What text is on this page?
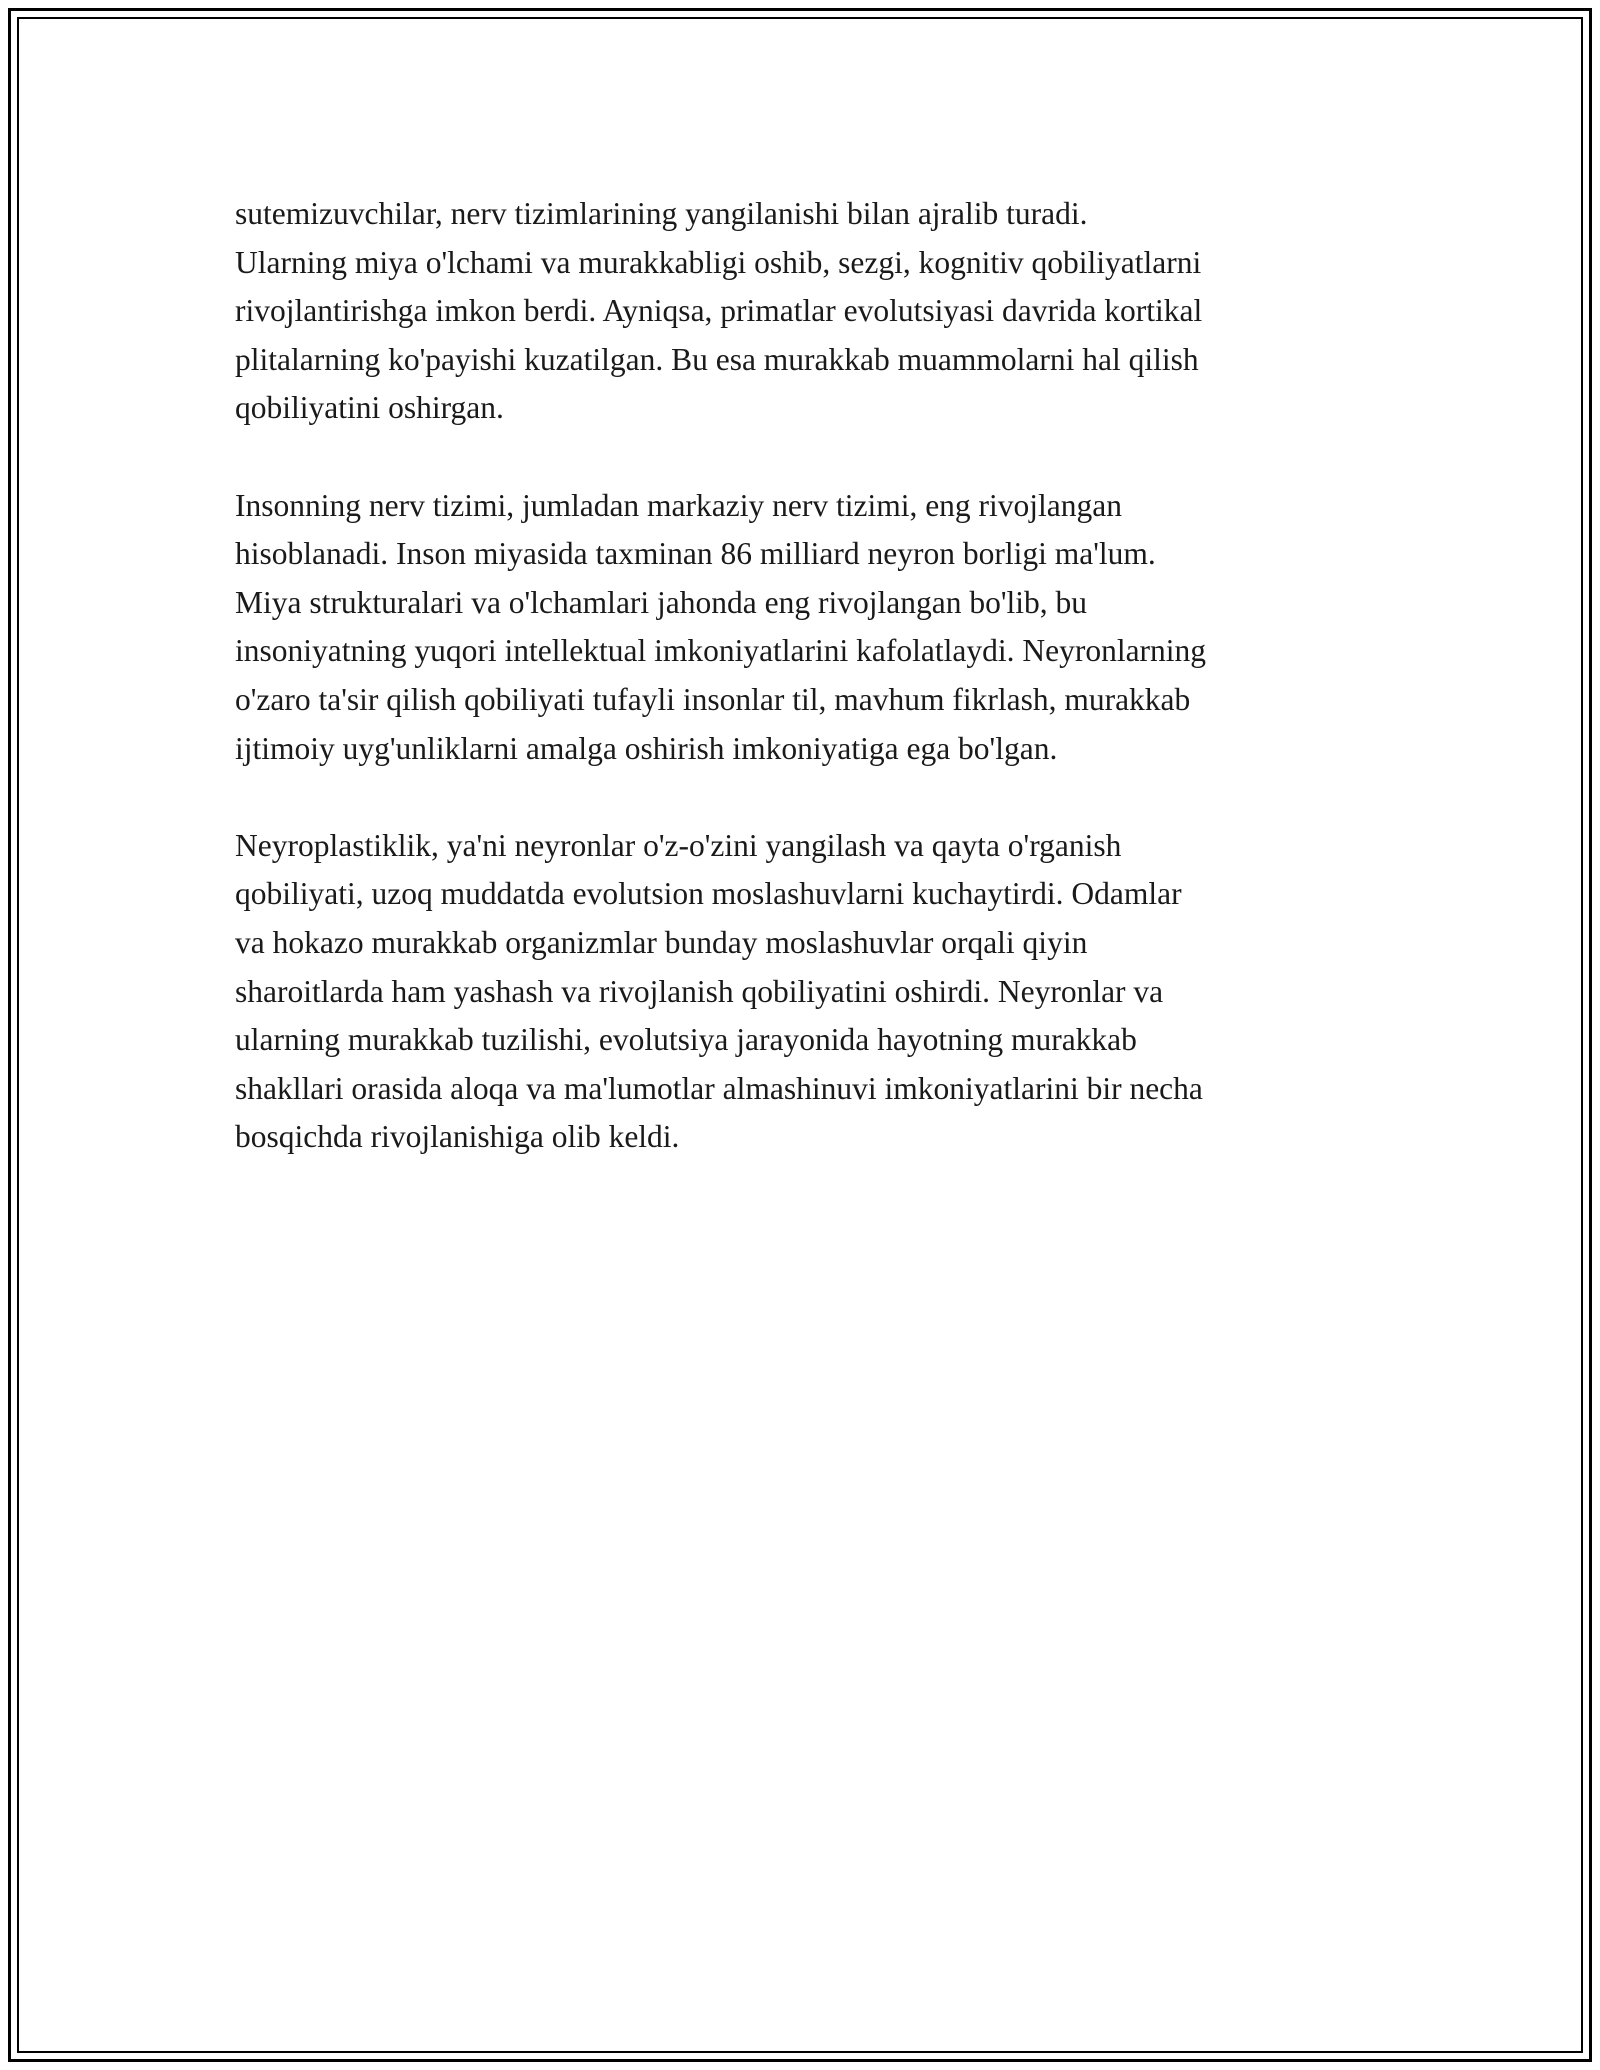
sutemizuvchilar, nerv tizimlarining yangilanishi bilan ajralib turadi.
Ularning miya o'lchami va murakkabligi oshib, sezgi, kognitiv qobiliyatlarni
rivojlantirishga imkon berdi. Ayniqsa, primatlar evolutsiyasi davrida kortikal
plitalarning ko'payishi kuzatilgan. Bu esa murakkab muammolarni hal qilish
qobiliyatini oshirgan.

Insonning nerv tizimi, jumladan markaziy nerv tizimi, eng rivojlangan
hisoblanadi. Inson miyasida taxminan 86 milliard neyron borligi ma'lum.
Miya strukturalari va o'lchamlari jahonda eng rivojlangan bo'lib, bu
insoniyatning yuqori intellektual imkoniyatlarini kafolatlaydi. Neyronlarning
o'zaro ta'sir qilish qobiliyati tufayli insonlar til, mavhum fikrlash, murakkab
ijtimoiy uyg'unliklarni amalga oshirish imkoniyatiga ega bo'lgan.

Neyroplastiklik, ya'ni neyronlar o'z-o'zini yangilash va qayta o'rganish
qobiliyati, uzoq muddatda evolutsion moslashuvlarni kuchaytirdi. Odamlar
va hokazo murakkab organizmlar bunday moslashuvlar orqali qiyin
sharoitlarda ham yashash va rivojlanish qobiliyatini oshirdi. Neyronlar va
ularning murakkab tuzilishi, evolutsiya jarayonida hayotning murakkab
shakllari orasida aloqa va ma'lumotlar almashinuvi imkoniyatlarini bir necha
bosqichda rivojlanishiga olib keldi.
